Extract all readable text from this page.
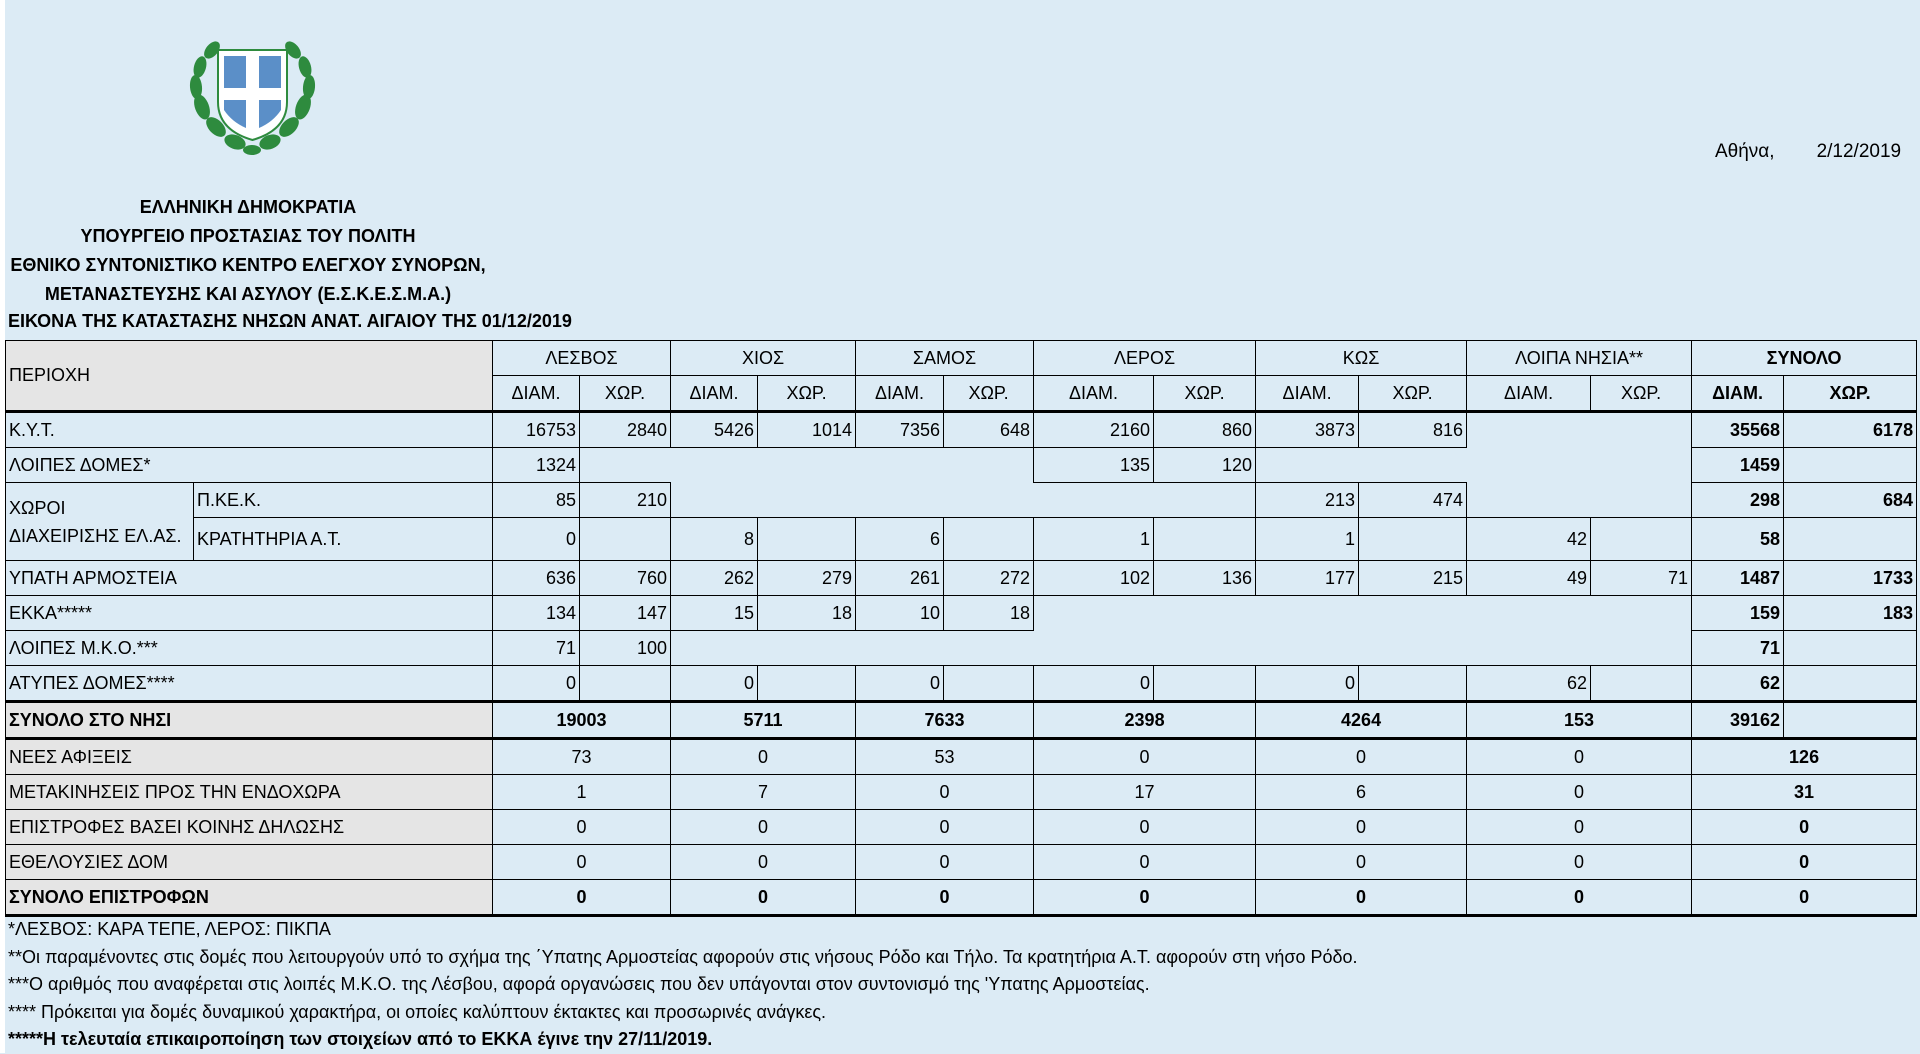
Αθήνα, 2/12/2019
ΕΛΛΗΝΙΚΗ ΔΗΜΟΚΡΑΤΙΑ
ΥΠΟΥΡΓΕΙΟ ΠΡΟΣΤΑΣΙΑΣ ΤΟΥ ΠΟΛΙΤΗ
ΕΘΝΙΚΟ ΣΥΝΤΟΝΙΣΤΙΚΟ ΚΕΝΤΡΟ ΕΛΕΓΧΟΥ ΣΥΝΟΡΩΝ,
ΜΕΤΑΝΑΣΤΕΥΣΗΣ ΚΑΙ ΑΣΥΛΟΥ (Ε.Σ.Κ.Ε.Σ.Μ.Α.)
ΕΙΚΟΝΑ ΤΗΣ ΚΑΤΑΣΤΑΣΗΣ ΝΗΣΩΝ ΑΝΑΤ. ΑΙΓΑΙΟΥ ΤΗΣ 01/12/2019
ΠΕΡΙΟΧΗ		ΛΕΣΒΟΣ		ΧΙΟΣ		ΣΑΜΟΣ		ΛΕΡΟΣ		ΚΩΣ		ΛΟΙΠΑ ΝΗΣΙΑ**		ΣΥΝΟΛΟ	
		ΔΙΑΜ.	ΧΩΡ.	ΔΙΑΜ.	ΧΩΡ.	ΔΙΑΜ.	ΧΩΡ.	ΔΙΑΜ.	ΧΩΡ.	ΔΙΑΜ.	ΧΩΡ.	ΔΙΑΜ.	ΧΩΡ.	ΔΙΑΜ.	ΧΩΡ.
Κ.Υ.Τ.		16753	2840	5426	1014	7356	648	2160	860	3873	816			35568	6178
ΛΟΙΠΕΣ ΔΟΜΕΣ*		1324						135	120					1459	
ΧΩΡΟΙ
ΔΙΑΧΕΙΡΙΣΗΣ ΕΛ.ΑΣ.	Π.ΚΕ.Κ.	85	210							213	474			298	684
	ΚΡΑΤΗΤΗΡΙΑ Α.Τ.	0		8		6		1		1		42		58	
ΥΠΑΤΗ ΑΡΜΟΣΤΕΙΑ		636	760	262	279	261	272	102	136	177	215	49	71	1487	1733
ΕΚΚΑ*****		134	147	15	18	10	18							159	183
ΛΟΙΠΕΣ Μ.Κ.Ο.***		71	100											71	
ΑΤΥΠΕΣ ΔΟΜΕΣ****		0		0		0		0		0		62		62	
ΣΥΝΟΛΟ ΣΤΟ ΝΗΣΙ		19003		5711		7633		2398		4264		153		39162	
ΝΕΕΣ ΑΦΙΞΕΙΣ		73		0		53		0		0		0		126	
ΜΕΤΑΚΙΝΗΣΕΙΣ ΠΡΟΣ ΤΗΝ ΕΝΔΟΧΩΡΑ		1		7		0		17		6		0		31	
ΕΠΙΣΤΡΟΦΕΣ ΒΑΣΕΙ ΚΟΙΝΗΣ ΔΗΛΩΣΗΣ		0		0		0		0		0		0		0	
ΕΘΕΛΟΥΣΙΕΣ ΔΟΜ		0		0		0		0		0		0		0	
ΣΥΝΟΛΟ ΕΠΙΣΤΡΟΦΩΝ		0		0		0		0		0		0		0	
*ΛΕΣΒΟΣ: ΚΑΡΑ ΤΕΠΕ, ΛΕΡΟΣ: ΠΙΚΠΑ
**Οι παραμένοντες στις δομές που λειτουργούν υπό το σχήμα της ΄Υπατης Αρμοστείας αφορούν στις νήσους Ρόδο και Τήλο. Τα κρατητήρια Α.Τ. αφορούν στη νήσο Ρόδο.
***Ο αριθμός που αναφέρεται στις λοιπές Μ.Κ.Ο. της Λέσβου, αφορά οργανώσεις που δεν υπάγονται στον συντονισμό της 'Υπατης Αρμοστείας.
**** Πρόκειται για δομές δυναμικού χαρακτήρα, οι οποίες καλύπτουν έκτακτες και προσωρινές ανάγκες.
*****Η τελευταία επικαιροποίηση των στοιχείων από το ΕΚΚΑ έγινε την 27/11/2019.
